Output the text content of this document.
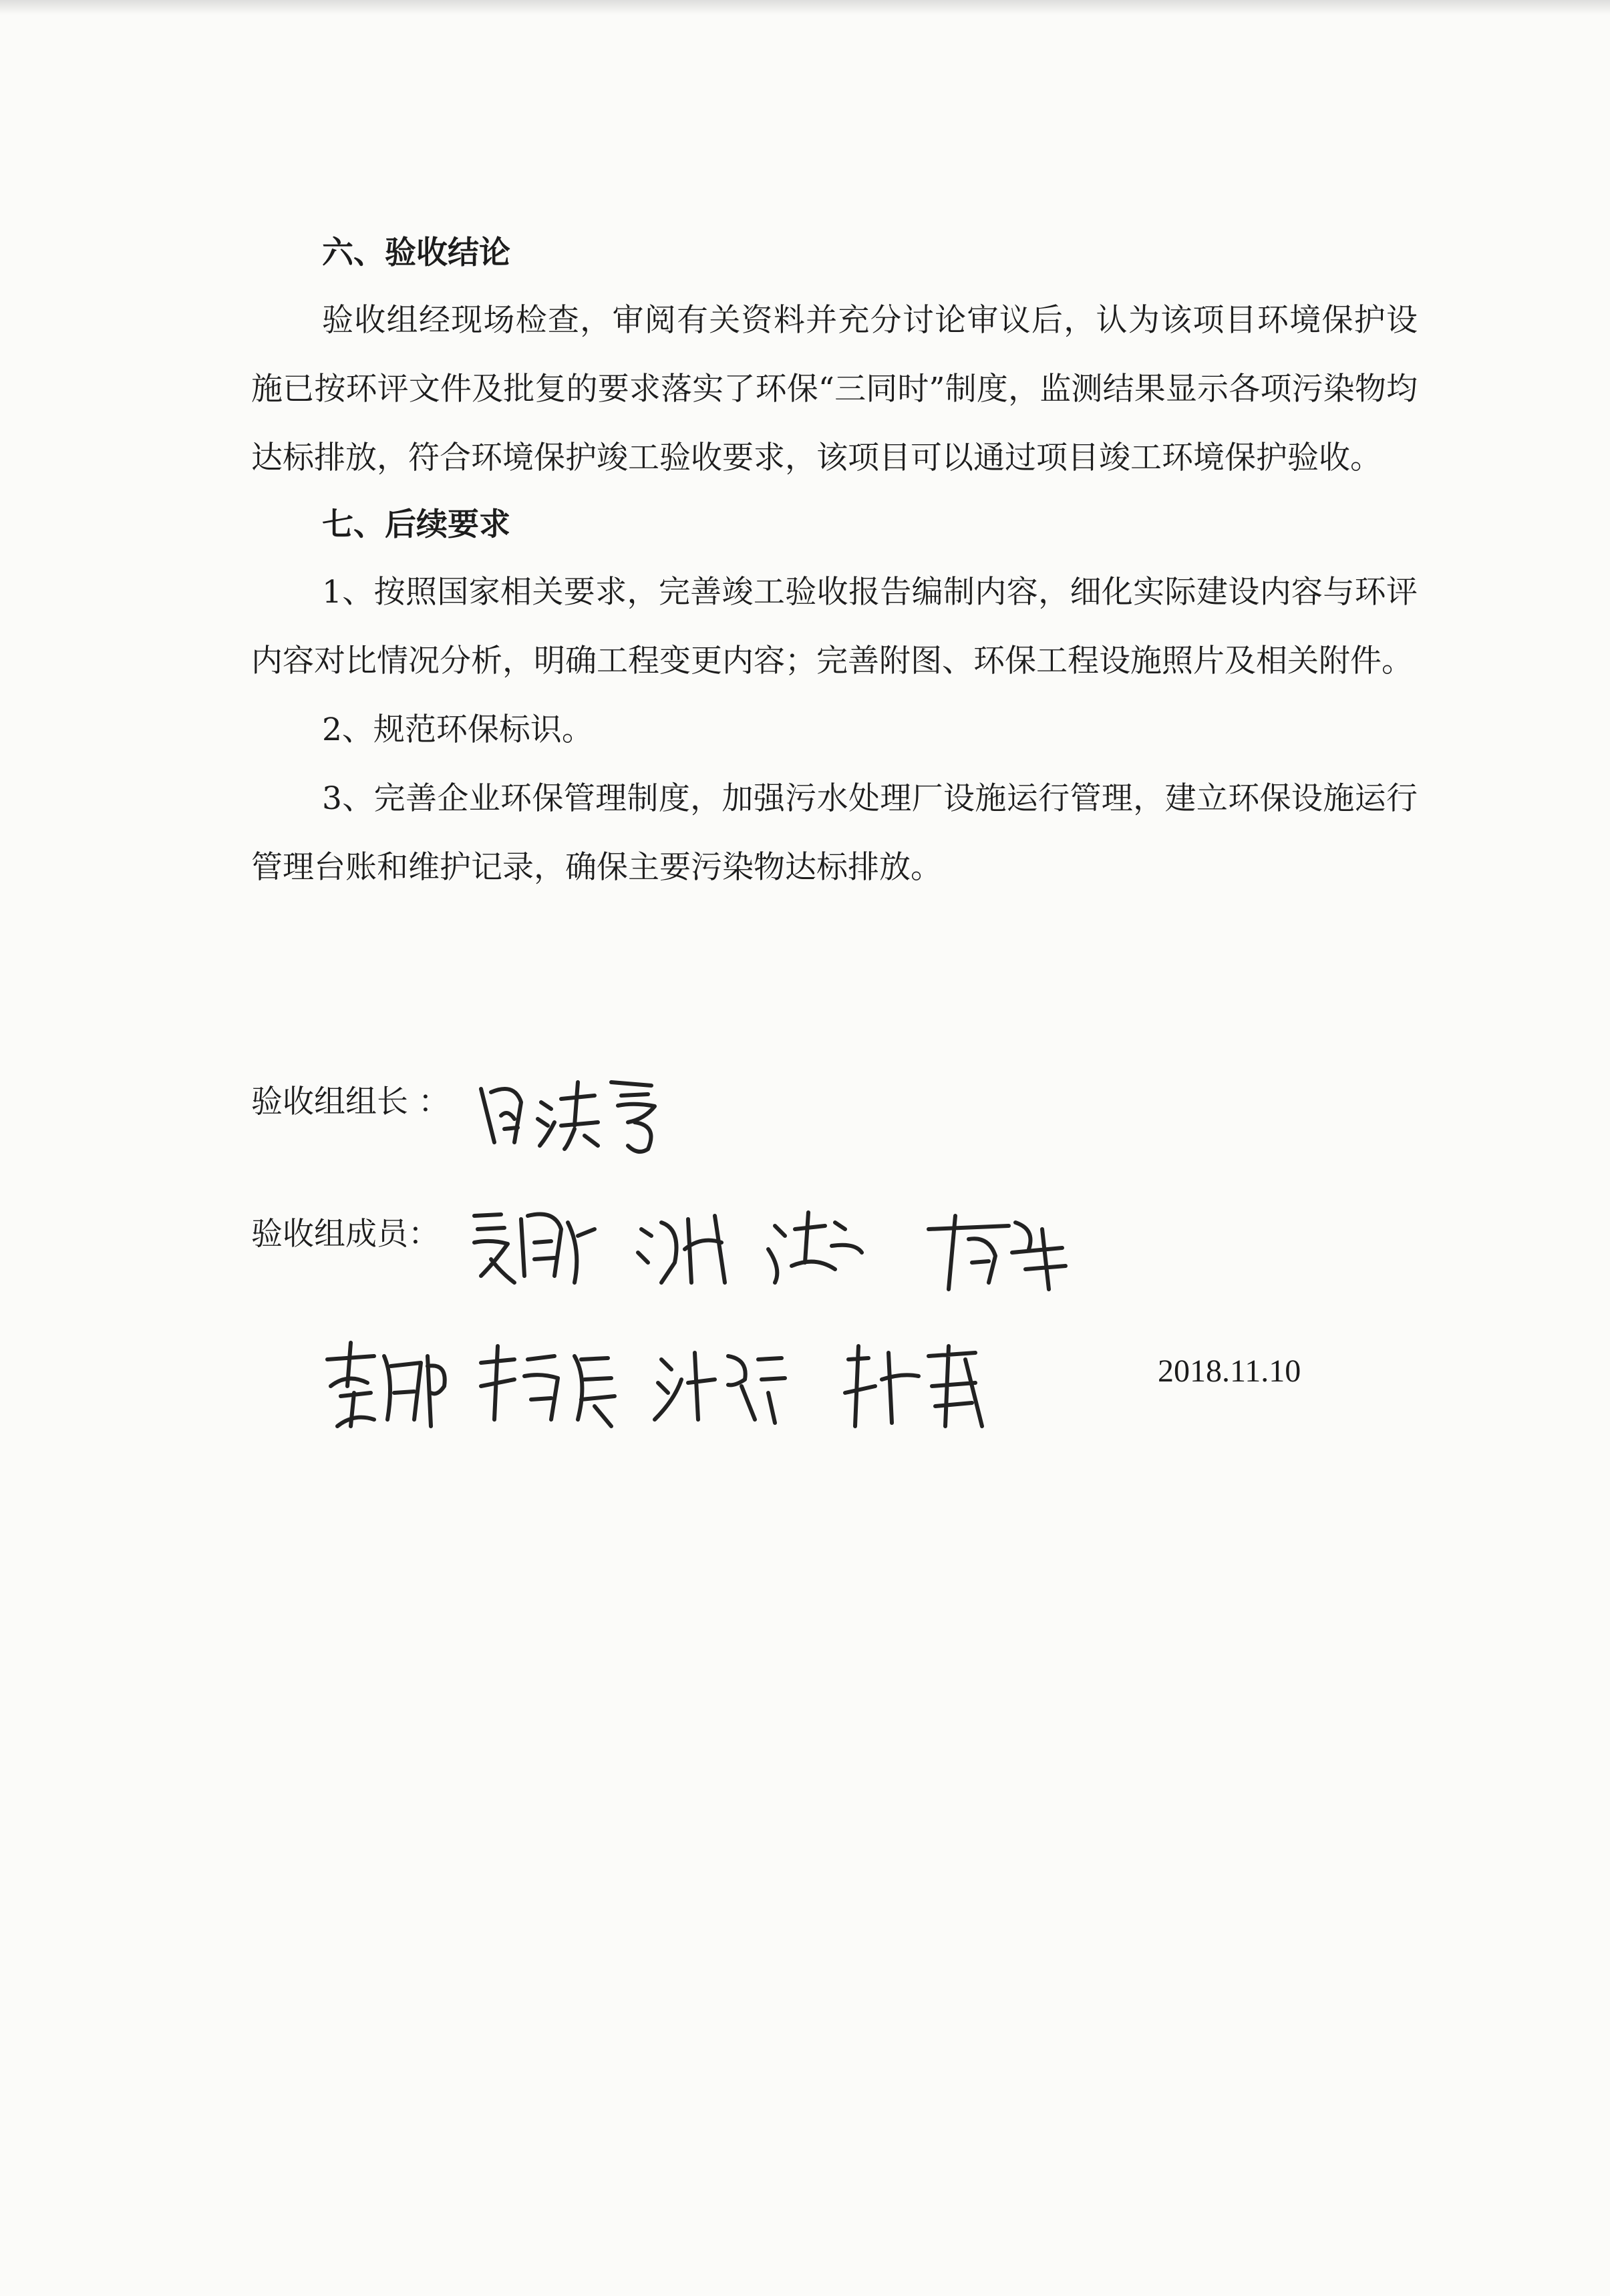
六、验收结论

验收组经现场检查，审阅有关资料并充分讨论审议后，认为该项目环境保护设施已按环评文件及批复的要求落实了环保“三同时”制度，监测结果显示各项污染物均达标排放，符合环境保护竣工验收要求，该项目可以通过项目竣工环境保护验收。

七、后续要求

1、按照国家相关要求，完善竣工验收报告编制内容，细化实际建设内容与环评内容对比情况分析，明确工程变更内容；完善附图、环保工程设施照片及相关附件。

2、规范环保标识。

3、完善企业环保管理制度，加强污水处理厂设施运行管理，建立环保设施运行管理台账和维护记录，确保主要污染物达标排放。

验收组组长 ：
验收组成员：
2018.11.10
